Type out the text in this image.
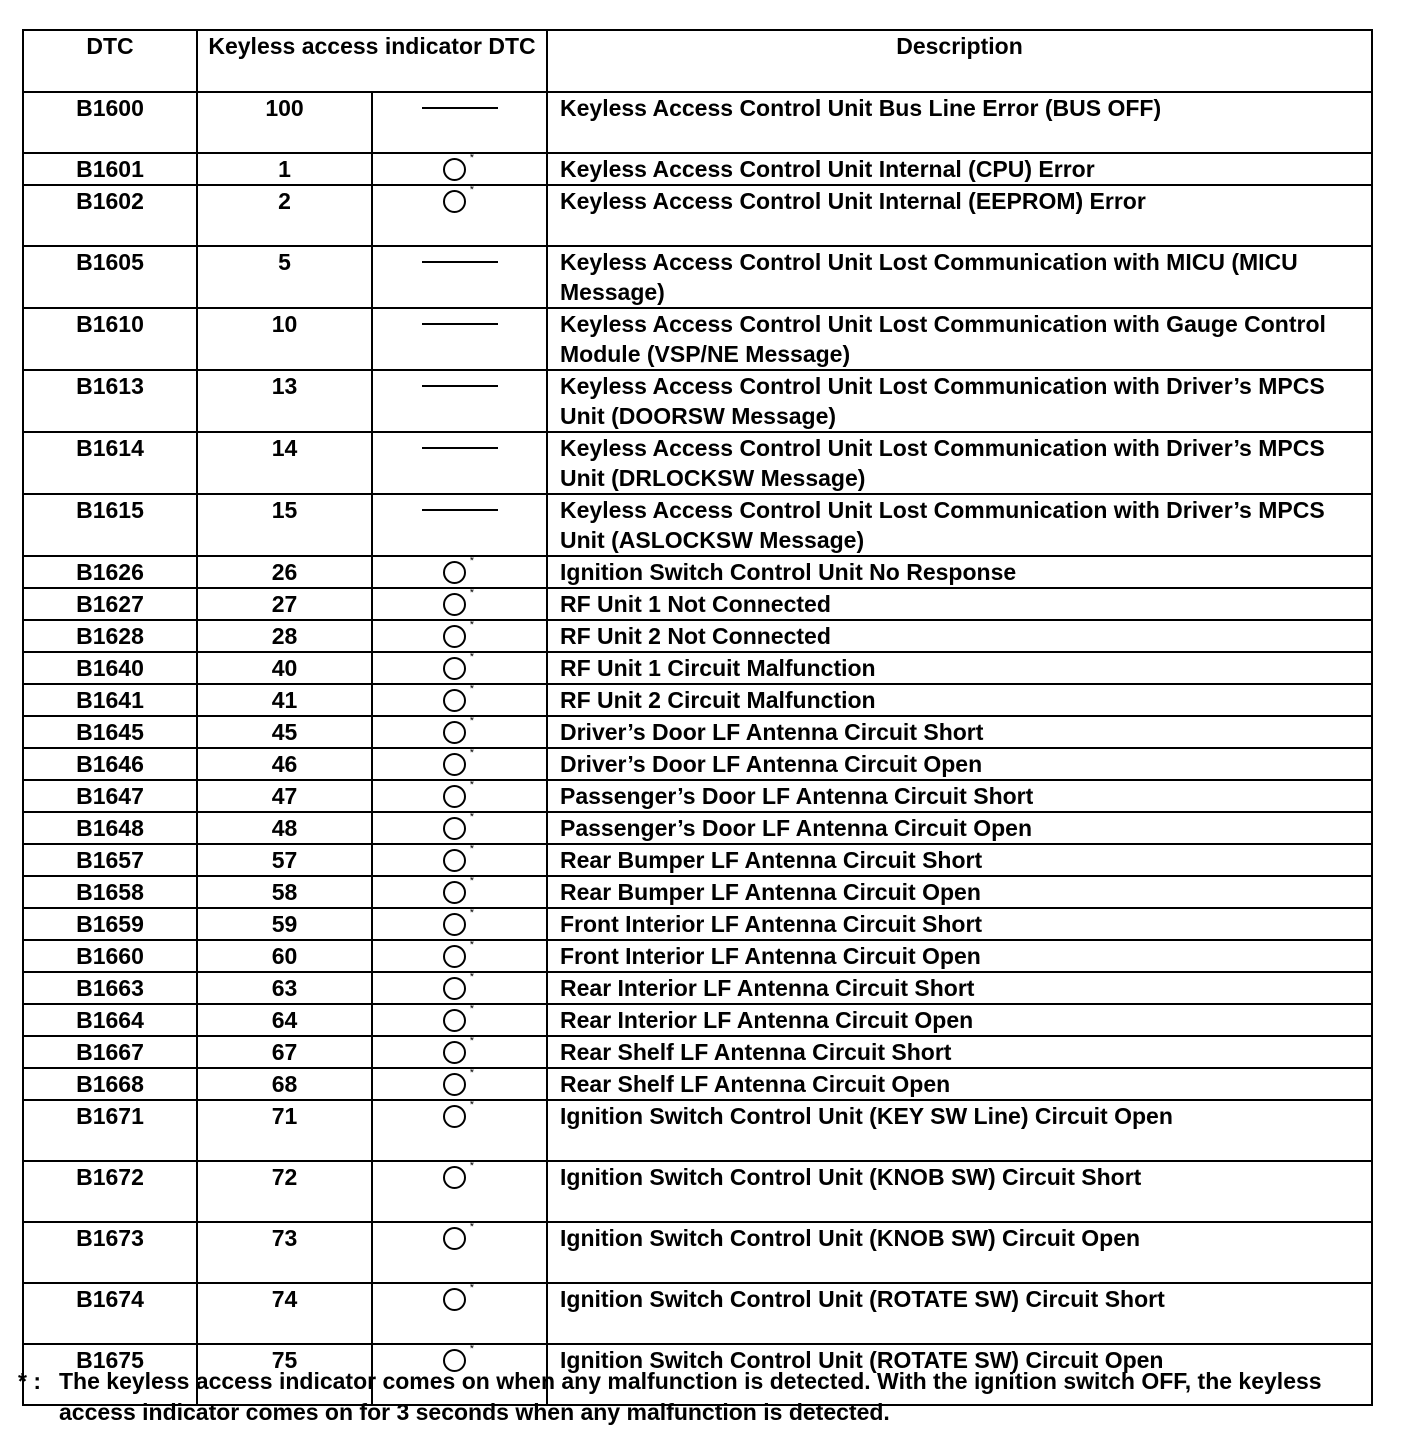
DTC	Keyless access indicator DTC		Description
B1600	100		Keyless Access Control Unit Bus Line Error (BUS OFF)
B1601	1	*	Keyless Access Control Unit Internal (CPU) Error
B1602	2	*	Keyless Access Control Unit Internal (EEPROM) Error
B1605	5		Keyless Access Control Unit Lost Communication with MICU (MICU Message)
B1610	10		Keyless Access Control Unit Lost Communication with Gauge Control Module (VSP/NE Message)
B1613	13		Keyless Access Control Unit Lost Communication with Driver’s MPCS Unit (DOORSW Message)
B1614	14		Keyless Access Control Unit Lost Communication with Driver’s MPCS Unit (DRLOCKSW Message)
B1615	15		Keyless Access Control Unit Lost Communication with Driver’s MPCS Unit (ASLOCKSW Message)
B1626	26	*	Ignition Switch Control Unit No Response
B1627	27	*	RF Unit 1 Not Connected
B1628	28	*	RF Unit 2 Not Connected
B1640	40	*	RF Unit 1 Circuit Malfunction
B1641	41	*	RF Unit 2 Circuit Malfunction
B1645	45	*	Driver’s Door LF Antenna Circuit Short
B1646	46	*	Driver’s Door LF Antenna Circuit Open
B1647	47	*	Passenger’s Door LF Antenna Circuit Short
B1648	48	*	Passenger’s Door LF Antenna Circuit Open
B1657	57	*	Rear Bumper LF Antenna Circuit Short
B1658	58	*	Rear Bumper LF Antenna Circuit Open
B1659	59	*	Front Interior LF Antenna Circuit Short
B1660	60	*	Front Interior LF Antenna Circuit Open
B1663	63	*	Rear Interior LF Antenna Circuit Short
B1664	64	*	Rear Interior LF Antenna Circuit Open
B1667	67	*	Rear Shelf LF Antenna Circuit Short
B1668	68	*	Rear Shelf LF Antenna Circuit Open
B1671	71	*	Ignition Switch Control Unit (KEY SW Line) Circuit Open
B1672	72	*	Ignition Switch Control Unit (KNOB SW) Circuit Short
B1673	73	*	Ignition Switch Control Unit (KNOB SW) Circuit Open
B1674	74	*	Ignition Switch Control Unit (ROTATE SW) Circuit Short
B1675	75	*	Ignition Switch Control Unit (ROTATE SW) Circuit Open
* : The keyless access indicator comes on when any malfunction is detected. With the ignition switch OFF, the keyless access indicator comes on for 3 seconds when any malfunction is detected.
